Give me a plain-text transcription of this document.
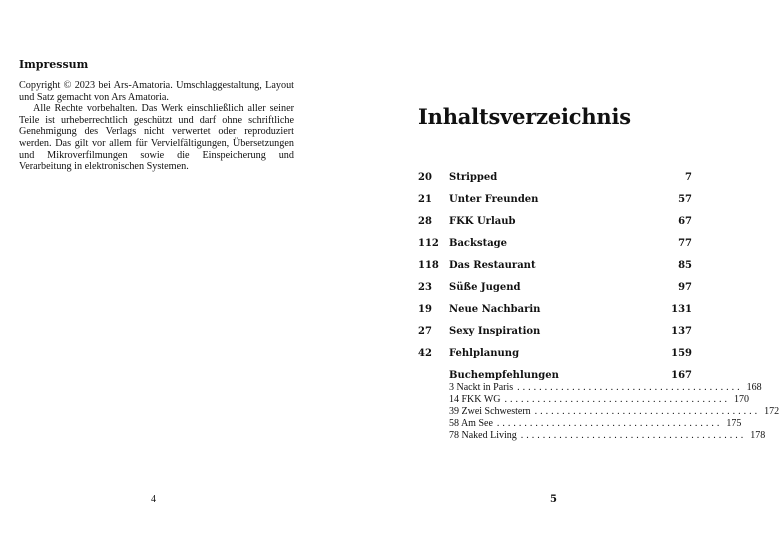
Impressum

Copyright © 2023 bei Ars-Amatoria. Umschlaggestaltung, Layout und Satz gemacht von Ars Amatoria.

Alle Rechte vorbehalten. Das Werk einschließlich aller seiner Teile ist urheberrechtlich geschützt und darf ohne schriftliche Genehmigung des Verlags nicht verwertet oder reproduziert werden. Das gilt vor allem für Vervielfältigungen, Übersetzungen und Mikroverfilmungen sowie die Einspeicherung und Verarbeitung in elektronischen Systemen.

4
Inhaltsverzeichnis
20 Stripped	7
21 Unter Freunden	57
28 FKK Urlaub	67
112 Backstage	77
118 Das Restaurant	85
23 Süße Jugend	97
19 Neue Nachbarin	131
27 Sexy Inspiration	137
42 Fehlplanung	159
Buchempfehlungen	167
3 Nackt in Paris ......................................... 168
14 FKK WG ......................................... 170
39 Zwei Schwestern ......................................... 172
58 Am See ......................................... 175
78 Naked Living ......................................... 178
5
